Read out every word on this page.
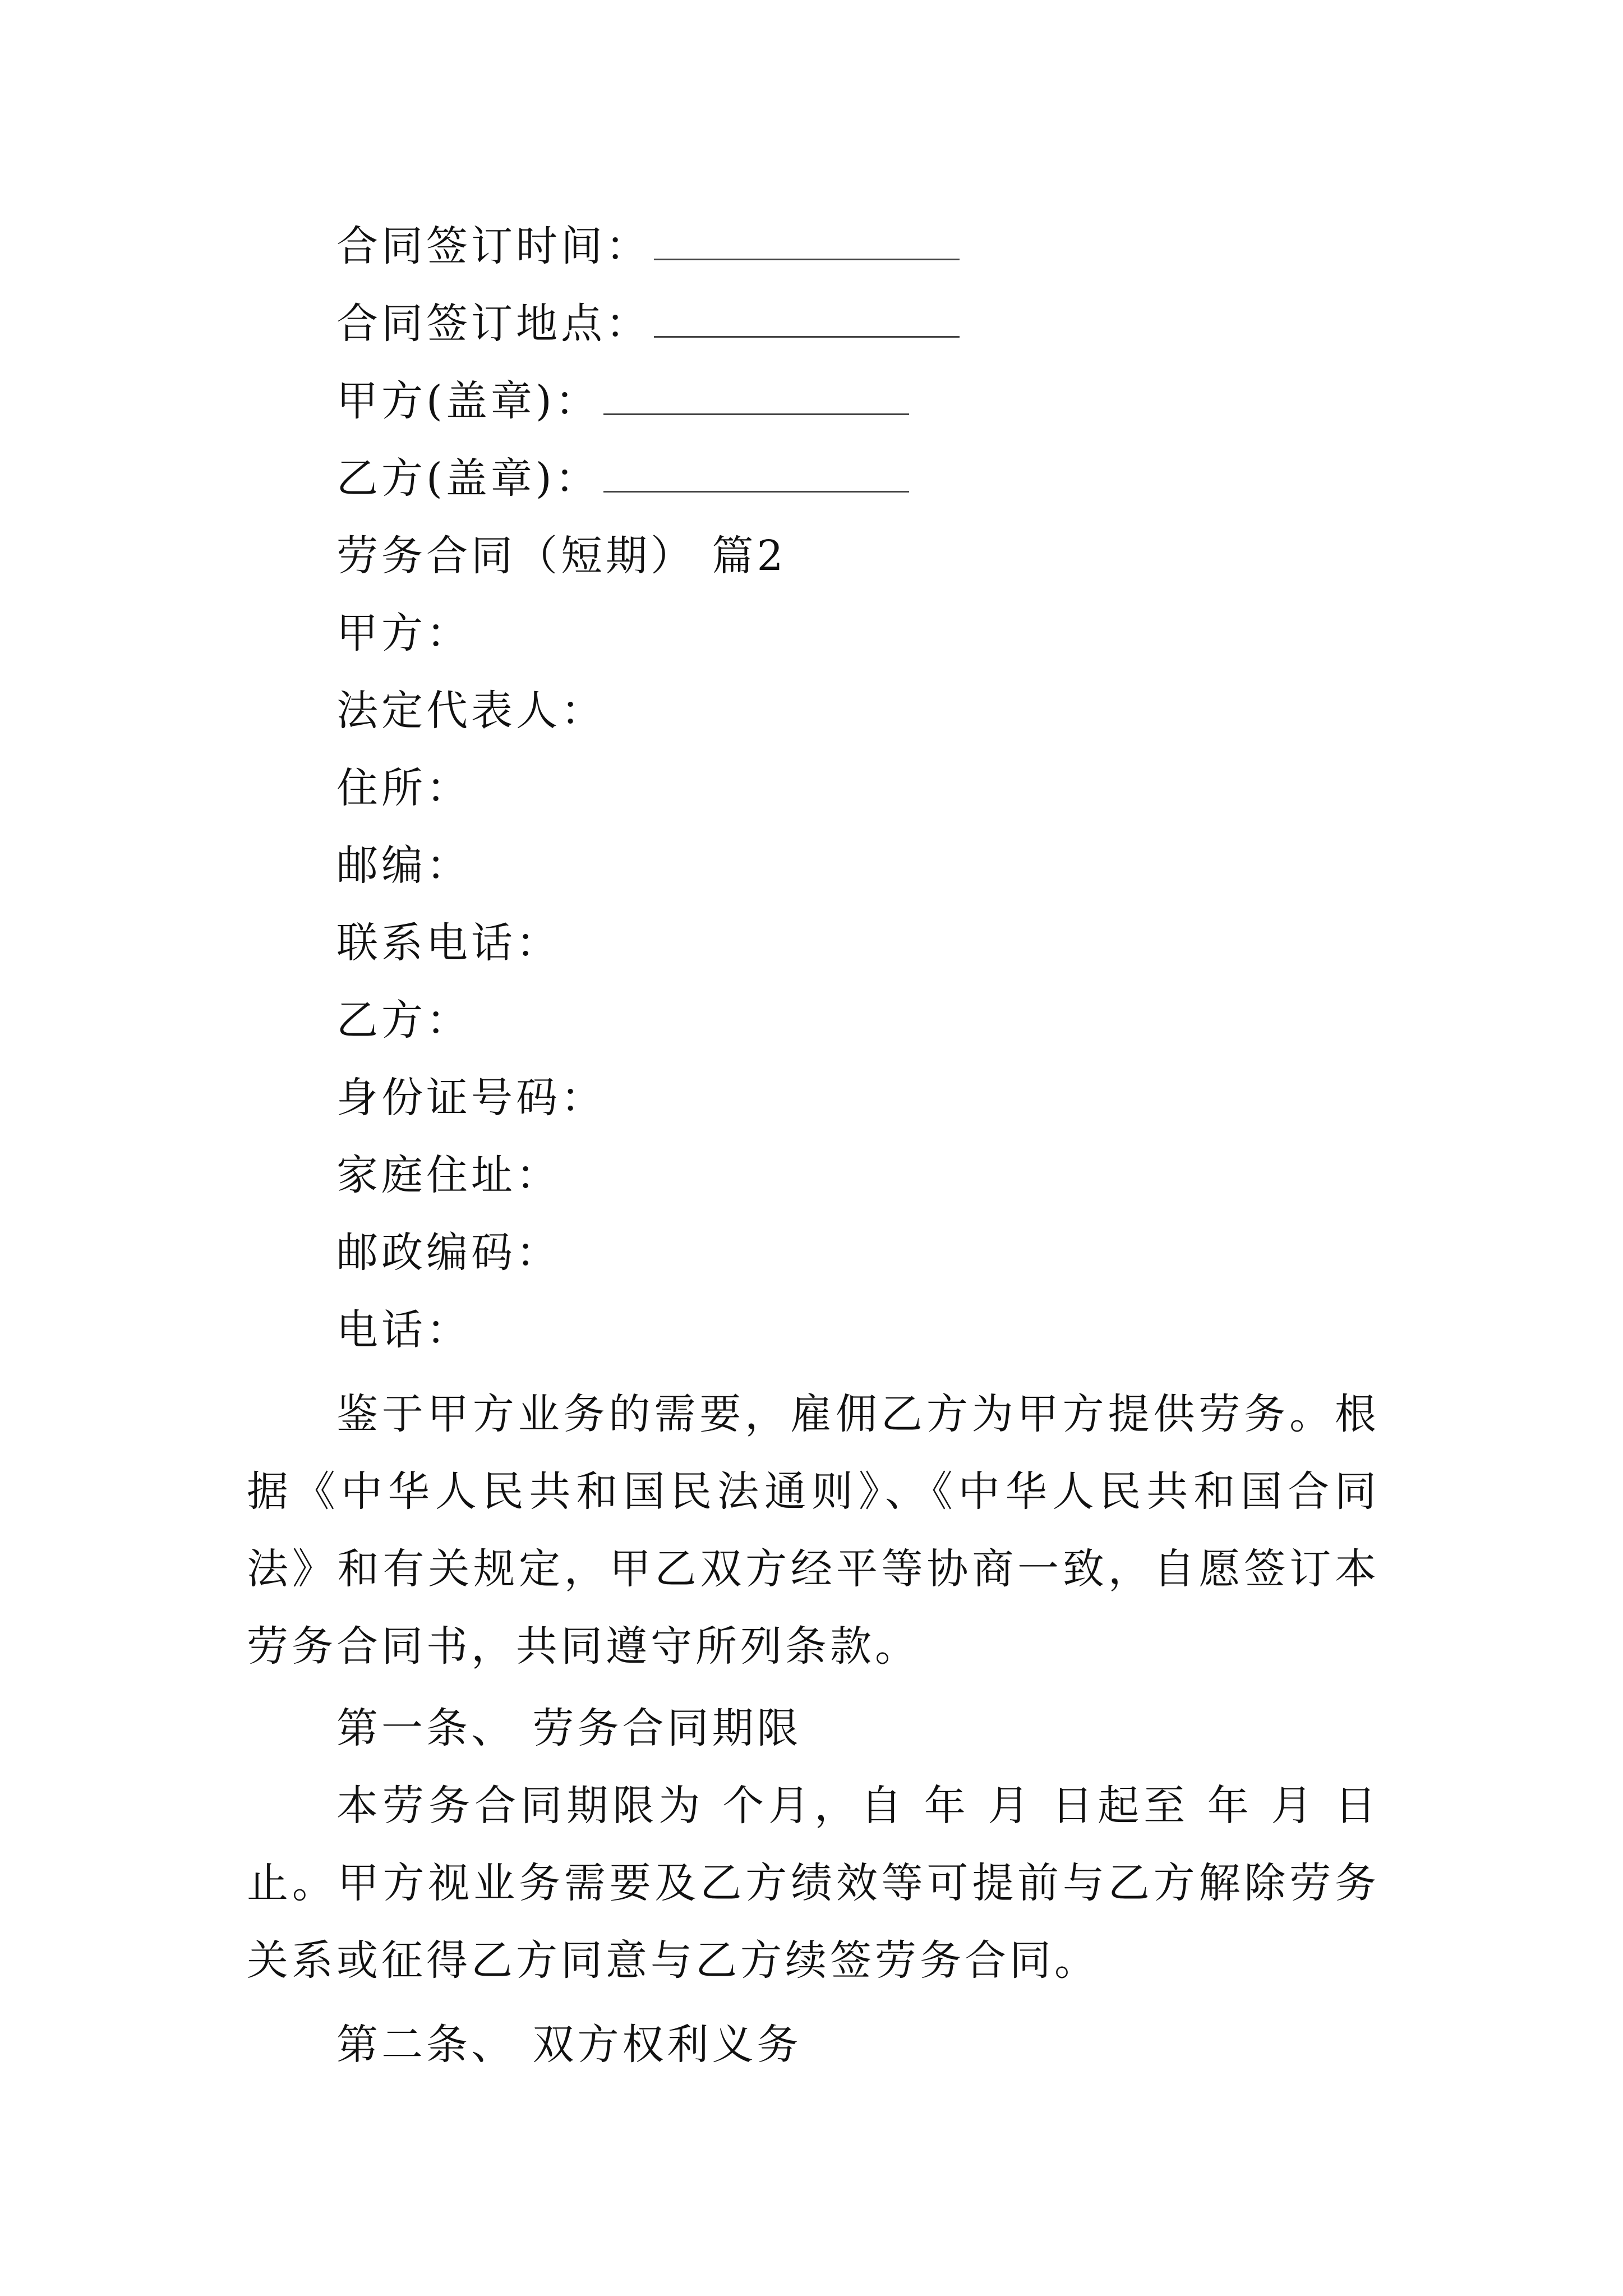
合同签订时间：
合同签订地点：
甲方(盖章)：
乙方(盖章)：
劳务合同（短期） 篇2
甲方：
法定代表人：
住所：
邮编：
联系电话：
乙方：
身份证号码：
家庭住址：
邮政编码：
电话：

鉴于甲方业务的需要，雇佣乙方为甲方提供劳务。根据《中华人民共和国民法通则》、《中华人民共和国合同法》和有关规定，甲乙双方经平等协商一致，自愿签订本劳务合同书，共同遵守所列条款。

第一条、 劳务合同期限

本劳务合同期限为 个月，自 年 月 日起至 年 月 日止。甲方视业务需要及乙方绩效等可提前与乙方解除劳务关系或征得乙方同意与乙方续签劳务合同。

第二条、 双方权利义务
